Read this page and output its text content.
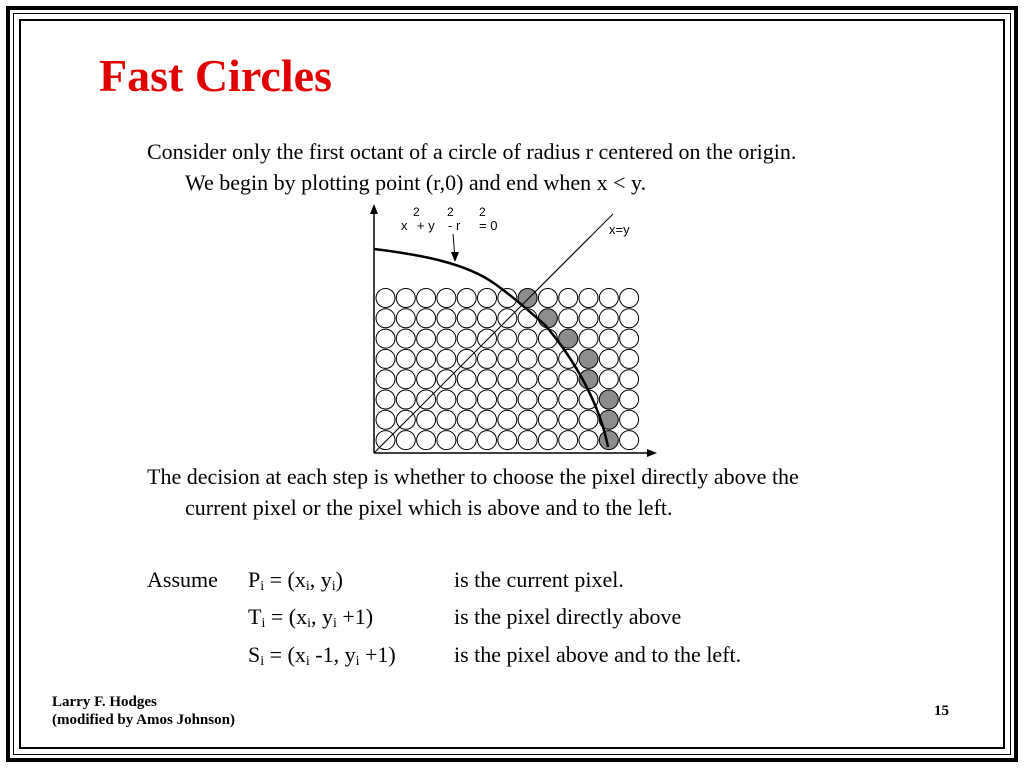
Fast Circles
Consider only the first octant of a circle of radius r centered on the origin.
We begin by plotting point (r,0) and end when x < y.
2 2 2
x + y - r = 0	x=y
The decision at each step is whether to choose the pixel directly above the
current pixel or the pixel which is above and to the left.
Assume $P_i = (x_i$, $y_i$)	is the current pixel.
$T_i = (x_i$, $y_i +1$)	is the pixel directly above
$S_i = (x_i$ -1, $y_i +1$)	is the pixel above and to the left.
Larry F. Hodges
(modified by Amos Johnson)
15
